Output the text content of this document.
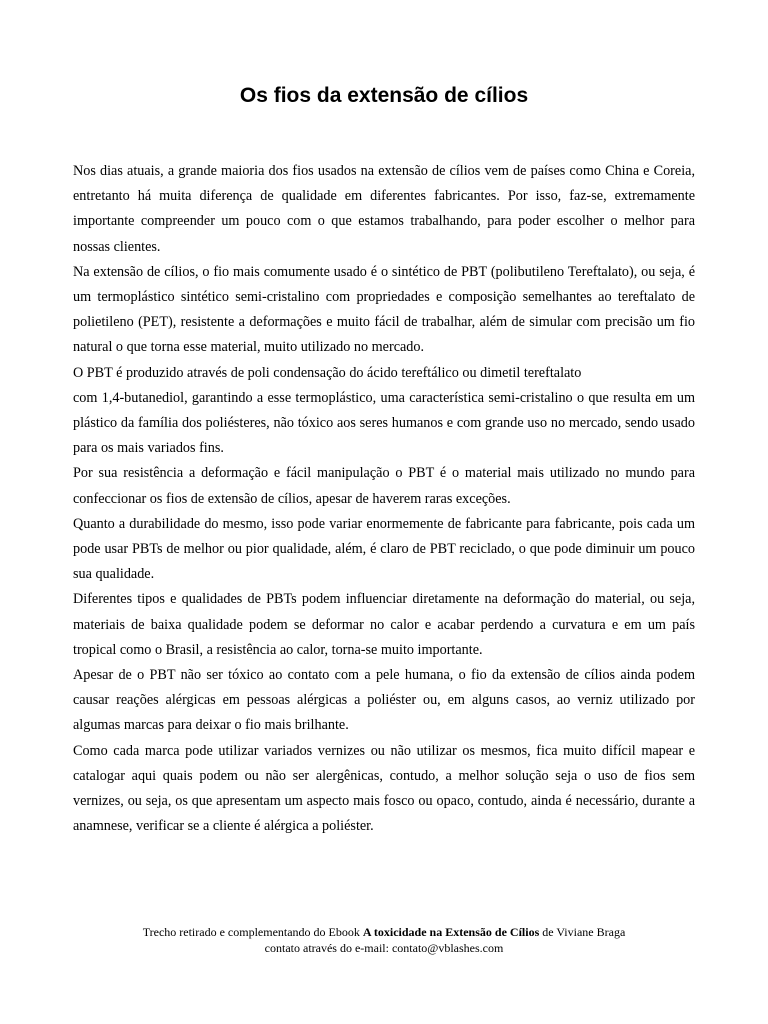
Os fios da extensão de cílios

Nos dias atuais, a grande maioria dos fios usados na extensão de cílios vem de países como China e Coreia, entretanto há muita diferença de qualidade em diferentes fabricantes. Por isso, faz-se, extremamente importante compreender um pouco com o que estamos trabalhando, para poder escolher o melhor para nossas clientes.

Na extensão de cílios, o fio mais comumente usado é o sintético de PBT (polibutileno Tereftalato), ou seja, é um termoplástico sintético semi-cristalino com propriedades e composição semelhantes ao tereftalato de polietileno (PET), resistente a deformações e muito fácil de trabalhar, além de simular com precisão um fio natural o que torna esse material, muito utilizado no mercado.

O PBT é produzido através de poli condensação do ácido tereftálico ou dimetil tereftalato

com 1,4-butanediol, garantindo a esse termoplástico, uma característica semi-cristalino o que resulta em um plástico da família dos poliésteres, não tóxico aos seres humanos e com grande uso no mercado, sendo usado para os mais variados fins.

Por sua resistência a deformação e fácil manipulação o PBT é o material mais utilizado no mundo para confeccionar os fios de extensão de cílios, apesar de haverem raras exceções.

Quanto a durabilidade do mesmo, isso pode variar enormemente de fabricante para fabricante, pois cada um pode usar PBTs de melhor ou pior qualidade, além, é claro de PBT reciclado, o que pode diminuir um pouco sua qualidade.

Diferentes tipos e qualidades de PBTs podem influenciar diretamente na deformação do material, ou seja, materiais de baixa qualidade podem se deformar no calor e acabar perdendo a curvatura e em um país tropical como o Brasil, a resistência ao calor, torna-se muito importante.

Apesar de o PBT não ser tóxico ao contato com a pele humana, o fio da extensão de cílios ainda podem causar reações alérgicas em pessoas alérgicas a poliéster ou, em alguns casos, ao verniz utilizado por algumas marcas para deixar o fio mais brilhante.

Como cada marca pode utilizar variados vernizes ou não utilizar os mesmos, fica muito difícil mapear e catalogar aqui quais podem ou não ser alergênicas, contudo, a melhor solução seja o uso de fios sem vernizes, ou seja, os que apresentam um aspecto mais fosco ou opaco, contudo, ainda é necessário, durante a anamnese, verificar se a cliente é alérgica a poliéster.

Trecho retirado e complementando do Ebook A toxicidade na Extensão de Cílios de Viviane Braga
contato através do e-mail: contato@vblashes.com
